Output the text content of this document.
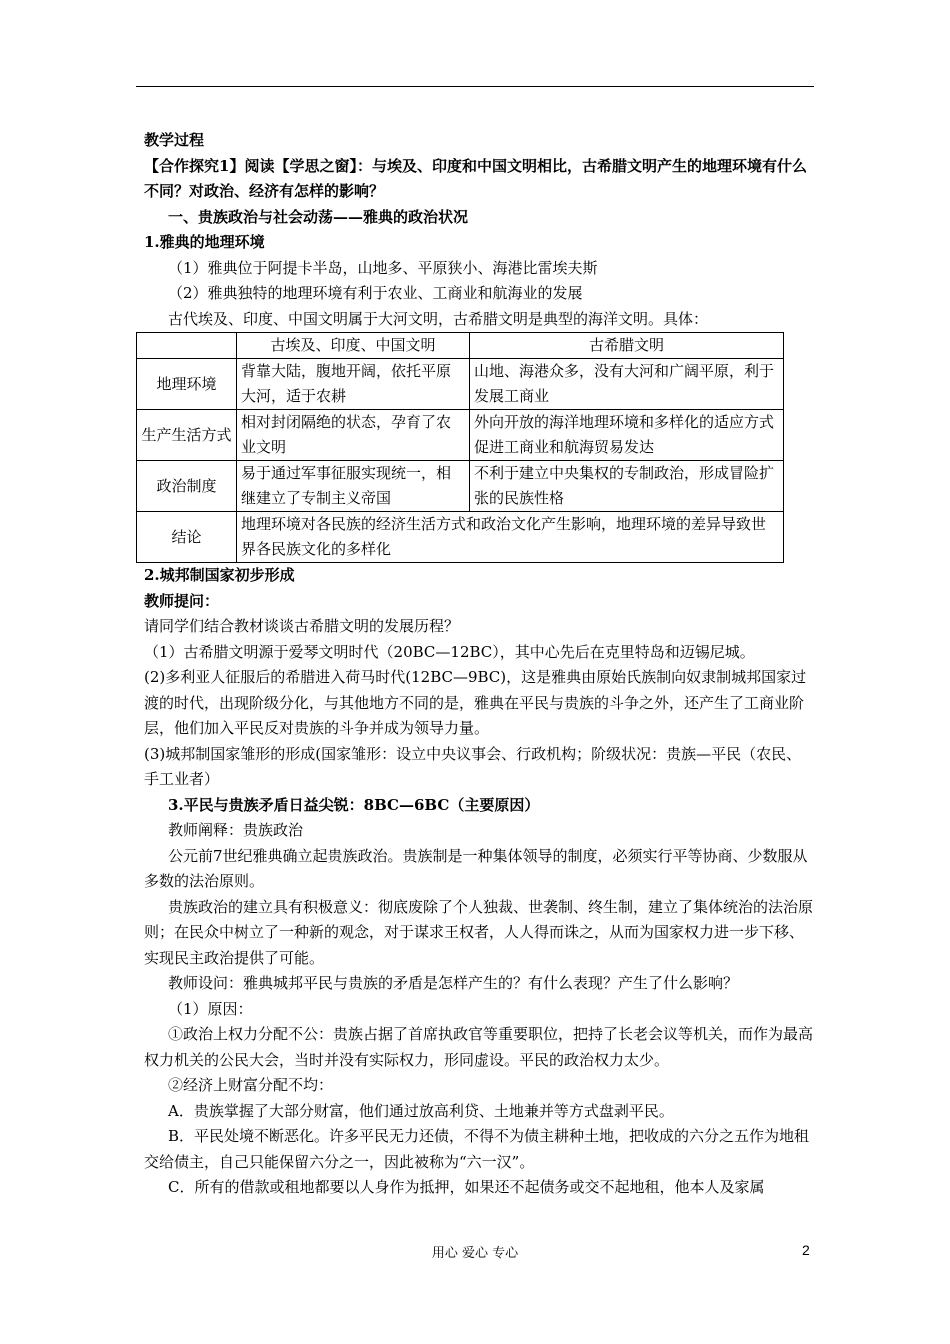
教学过程
【合作探究1】阅读【学思之窗】：与埃及、印度和中国文明相比，古希腊文明产生的地理环境有什么不同？对政治、经济有怎样的影响？
一、贵族政治与社会动荡——雅典的政治状况
1.雅典的地理环境
（1）雅典位于阿提卡半岛，山地多、平原狭小、海港比雷埃夫斯
（2）雅典独特的地理环境有利于农业、工商业和航海业的发展
古代埃及、印度、中国文明属于大河文明，古希腊文明是典型的海洋文明。具体：
	古埃及、印度、中国文明	古希腊文明
地理环境	背靠大陆，腹地开阔，依托平原大河，适于农耕	山地、海港众多，没有大河和广阔平原，利于发展工商业
生产生活方式	相对封闭隔绝的状态，孕育了农业文明	外向开放的海洋地理环境和多样化的适应方式促进工商业和航海贸易发达
政治制度	易于通过军事征服实现统一，相继建立了专制主义帝国	不利于建立中央集权的专制政治，形成冒险扩张的民族性格
结论	地理环境对各民族的经济生活方式和政治文化产生影响，地理环境的差异导致世界各民族文化的多样化	
2.城邦制国家初步形成
教师提问：
请同学们结合教材谈谈古希腊文明的发展历程？
（1）古希腊文明源于爱琴文明时代（20BC—12BC），其中心先后在克里特岛和迈锡尼城。
(2)多利亚人征服后的希腊进入荷马时代(12BC—9BC)，这是雅典由原始氏族制向奴隶制城邦国家过渡的时代，出现阶级分化，与其他地方不同的是，雅典在平民与贵族的斗争之外，还产生了工商业阶层，他们加入平民反对贵族的斗争并成为领导力量。
(3)城邦制国家雏形的形成(国家雏形：设立中央议事会、行政机构；阶级状况：贵族—平民（农民、手工业者）
3.平民与贵族矛盾日益尖锐：8BC—6BC（主要原因）
教师阐释：贵族政治
公元前7世纪雅典确立起贵族政治。贵族制是一种集体领导的制度，必须实行平等协商、少数服从多数的法治原则。
贵族政治的建立具有积极意义：彻底废除了个人独裁、世袭制、终生制，建立了集体统治的法治原则；在民众中树立了一种新的观念，对于谋求王权者，人人得而诛之，从而为国家权力进一步下移、实现民主政治提供了可能。
教师设问：雅典城邦平民与贵族的矛盾是怎样产生的？有什么表现？产生了什么影响？
（1）原因：
①政治上权力分配不公：贵族占据了首席执政官等重要职位，把持了长老会议等机关，而作为最高权力机关的公民大会，当时并没有实际权力，形同虚设。平民的政治权力太少。
②经济上财富分配不均：
A．贵族掌握了大部分财富，他们通过放高利贷、土地兼并等方式盘剥平民。
B．平民处境不断恶化。许多平民无力还债，不得不为债主耕种土地，把收成的六分之五作为地租交给债主，自己只能保留六分之一，因此被称为“六一汉”。
C．所有的借款或租地都要以人身作为抵押，如果还不起债务或交不起地租，他本人及家属
用心 爱心 专心	2
